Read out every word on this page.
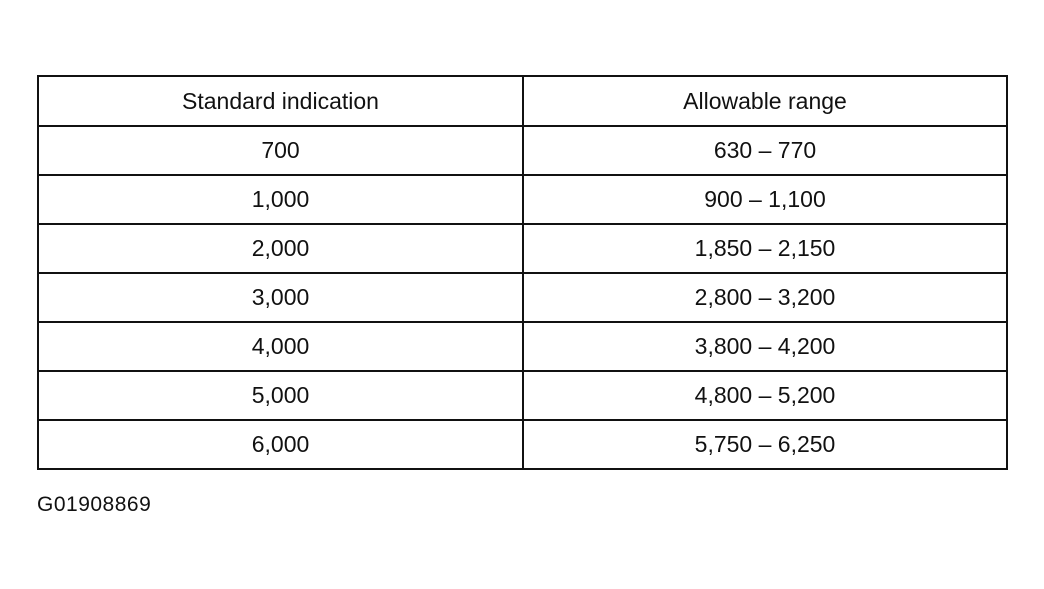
Standard indication	Allowable range
700	630 – 770
1,000	900 – 1,100
2,000	1,850 – 2,150
3,000	2,800 – 3,200
4,000	3,800 – 4,200
5,000	4,800 – 5,200
6,000	5,750 – 6,250
G01908869
